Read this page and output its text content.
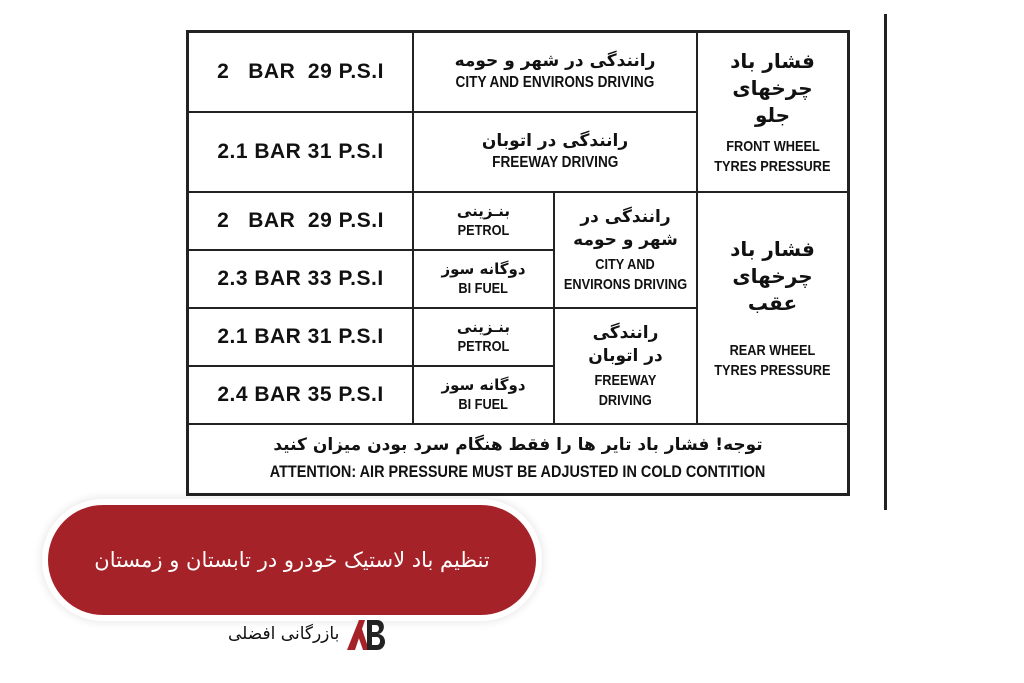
2   BAR  29 P.S.I	رانندگی در شهر و حومه
CITY AND ENVIRONS DRIVING
2.1 BAR 31 P.S.I	رانندگی در اتوبان
FREEWAY DRIVING
فشار باد چرخهای جلو
FRONT WHEEL
TYRES PRESSURE
2   BAR  29 P.S.I
2.3 BAR 33 P.S.I
2.1 BAR 31 P.S.I
2.4 BAR 35 P.S.I
بنـزینی
PETROL
دوگانه سوز
BI FUEL
بنـزینی
PETROL
دوگانه سوز
BI FUEL
رانندگی در شهر و حومه
CITY AND
ENVIRONS DRIVING
رانندگی در اتوبان
FREEWAY
DRIVING
فشار باد چرخهای عقب
REAR WHEEL
TYRES PRESSURE
توجه! فشار باد تایر ها را فقط هنگام سرد بودن میزان کنید
ATTENTION: AIR PRESSURE MUST BE ADJUSTED IN COLD CONTITION
تنظیم باد لاستیک خودرو در تابستان و زمستان
بازرگانی افضلی
